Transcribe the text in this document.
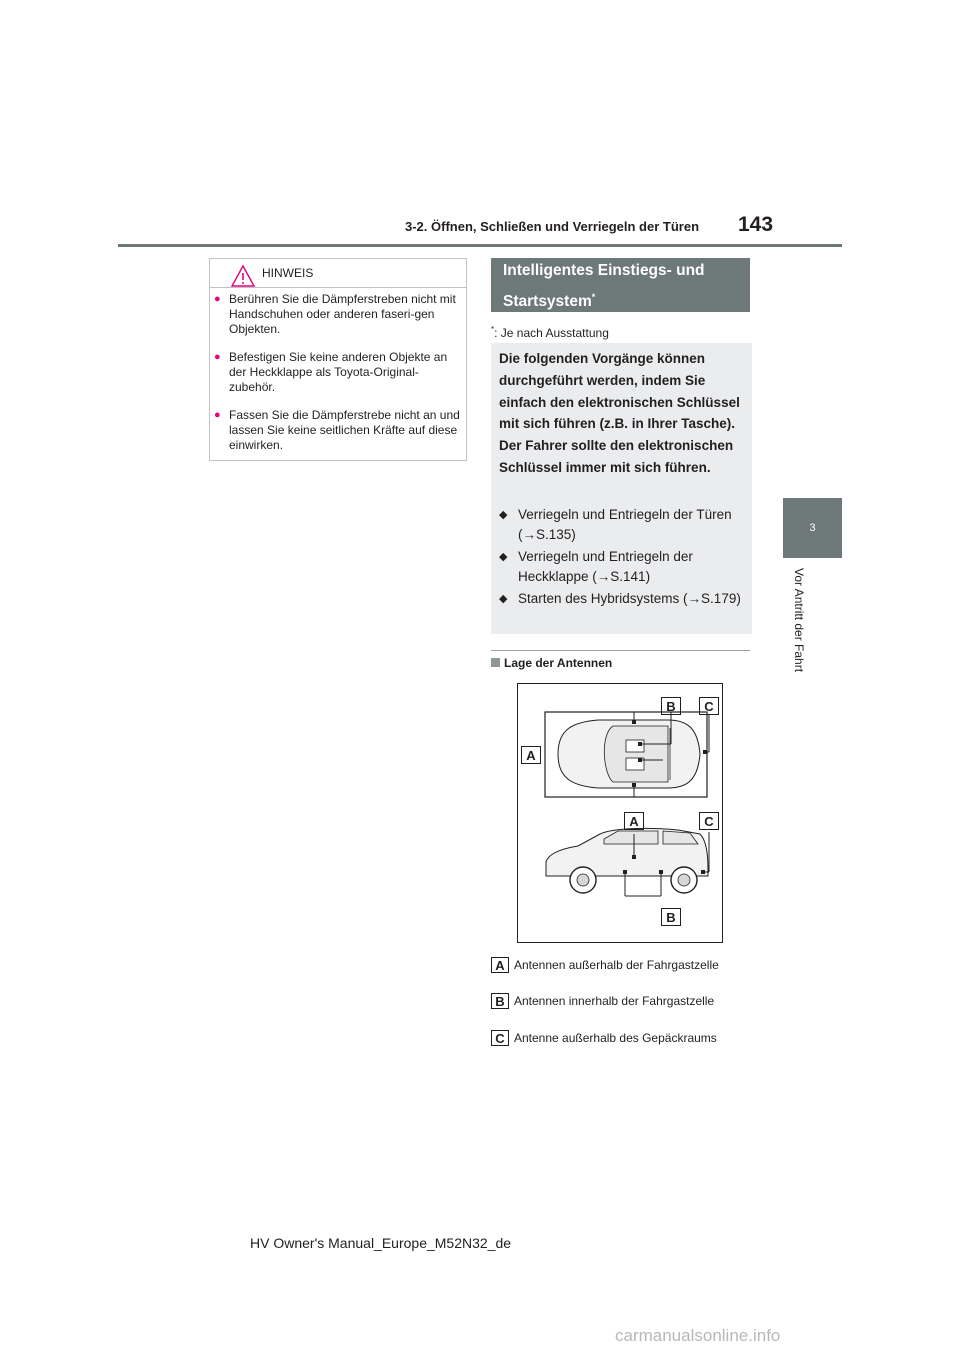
3-2. Öffnen, Schließen und Verriegeln der Türen 143
3
Vor Antritt der Fahrt
HINWEIS
● Berühren Sie die Dämpferstreben nicht mit Handschuhen oder anderen faseri-gen Objekten.
● Befestigen Sie keine anderen Objekte an der Heckklappe als Toyota-Original-zubehör.
● Fassen Sie die Dämpferstrebe nicht an und lassen Sie keine seitlichen Kräfte auf diese einwirken.
Intelligentes Einstiegs- und
Startsystem*
*: Je nach Ausstattung
Die folgenden Vorgänge können durchgeführt werden, indem Sie einfach den elektronischen Schlüssel mit sich führen (z.B. in Ihrer Tasche). Der Fahrer sollte den elektronischen Schlüssel immer mit sich führen.
◆ Verriegeln und Entriegeln der Türen (→S.135)
◆ Verriegeln und Entriegeln der Heckklappe (→S.141)
◆ Starten des Hybridsystems (→S.179)
Lage der Antennen
A
B	C
A	C
B
A Antennen außerhalb der Fahrgastzelle
B Antennen innerhalb der Fahrgastzelle
C Antenne außerhalb des Gepäckraums
HV Owner's Manual_Europe_M52N32_de
carmanualsonline.info
